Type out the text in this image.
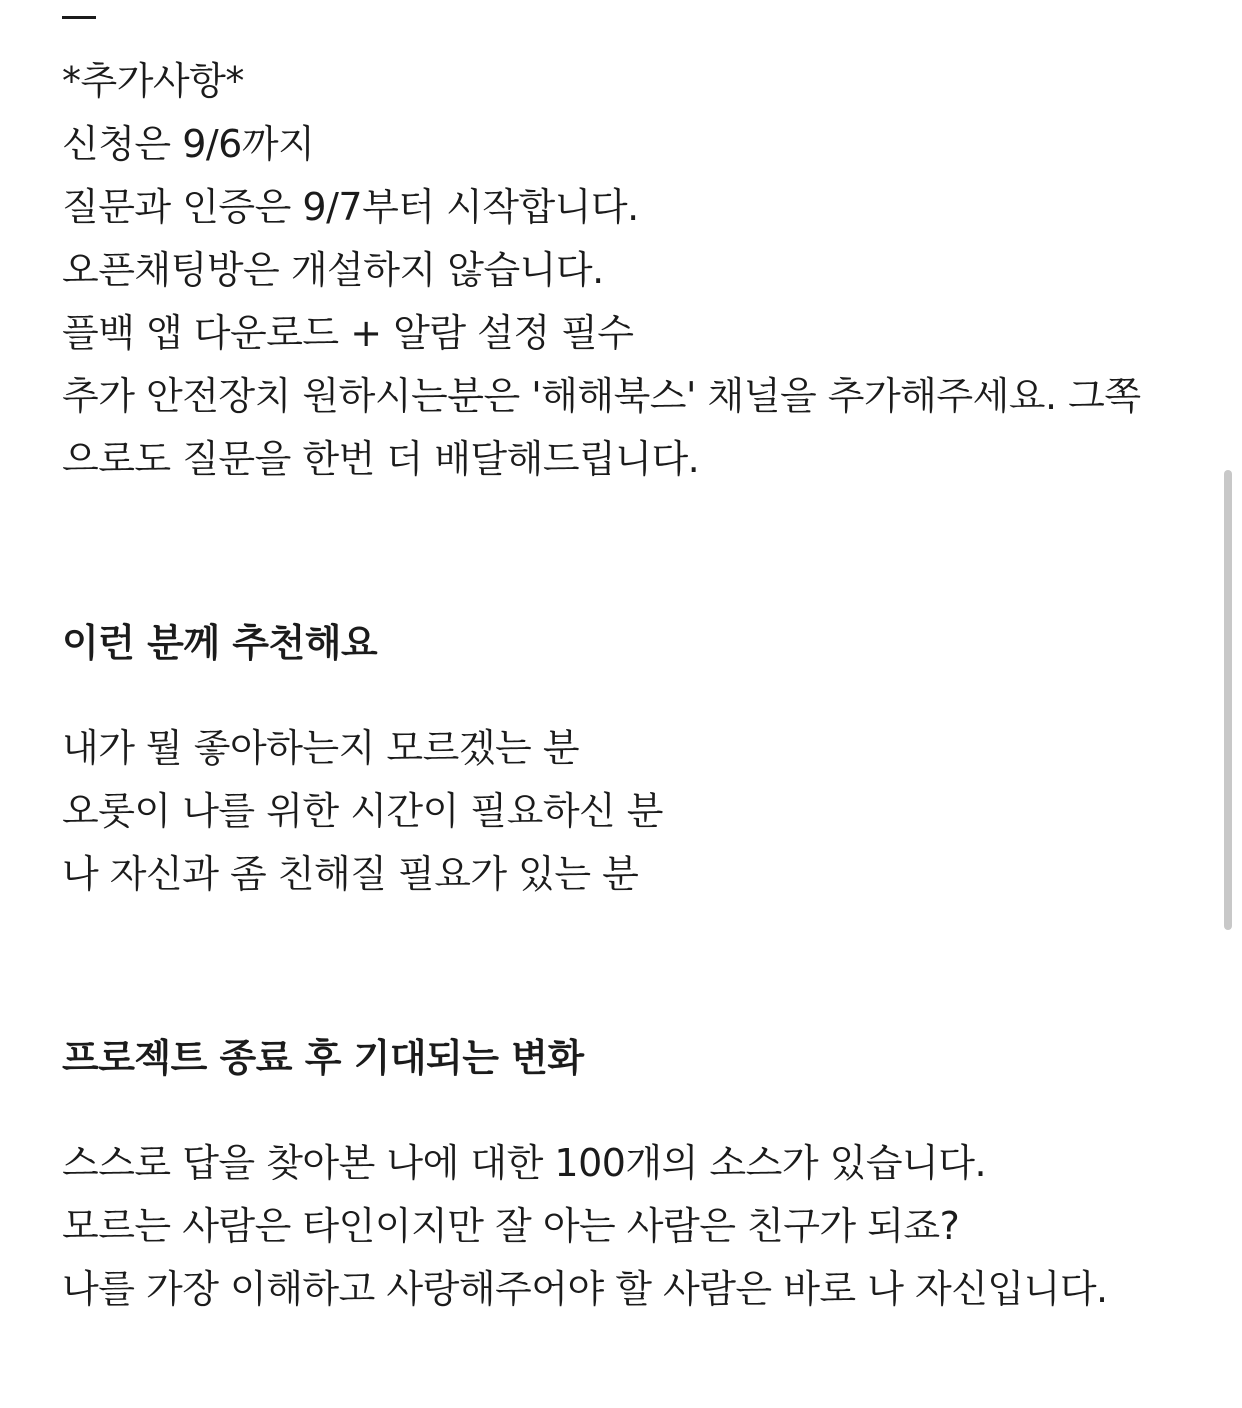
*추가사항*
신청은 9/6까지
질문과 인증은 9/7부터 시작합니다.
오픈채팅방은 개설하지 않습니다.
플백 앱 다운로드 + 알람 설정 필수
추가 안전장치 원하시는분은 '해해북스' 채널을 추가해주세요. 그쪽
으로도 질문을 한번 더 배달해드립니다.
이런 분께 추천해요
내가 뭘 좋아하는지 모르겠는 분
오롯이 나를 위한 시간이 필요하신 분
나 자신과 좀 친해질 필요가 있는 분
프로젝트 종료 후 기대되는 변화
스스로 답을 찾아본 나에 대한 100개의 소스가 있습니다.
모르는 사람은 타인이지만 잘 아는 사람은 친구가 되죠?
나를 가장 이해하고 사랑해주어야 할 사람은 바로 나 자신입니다.
